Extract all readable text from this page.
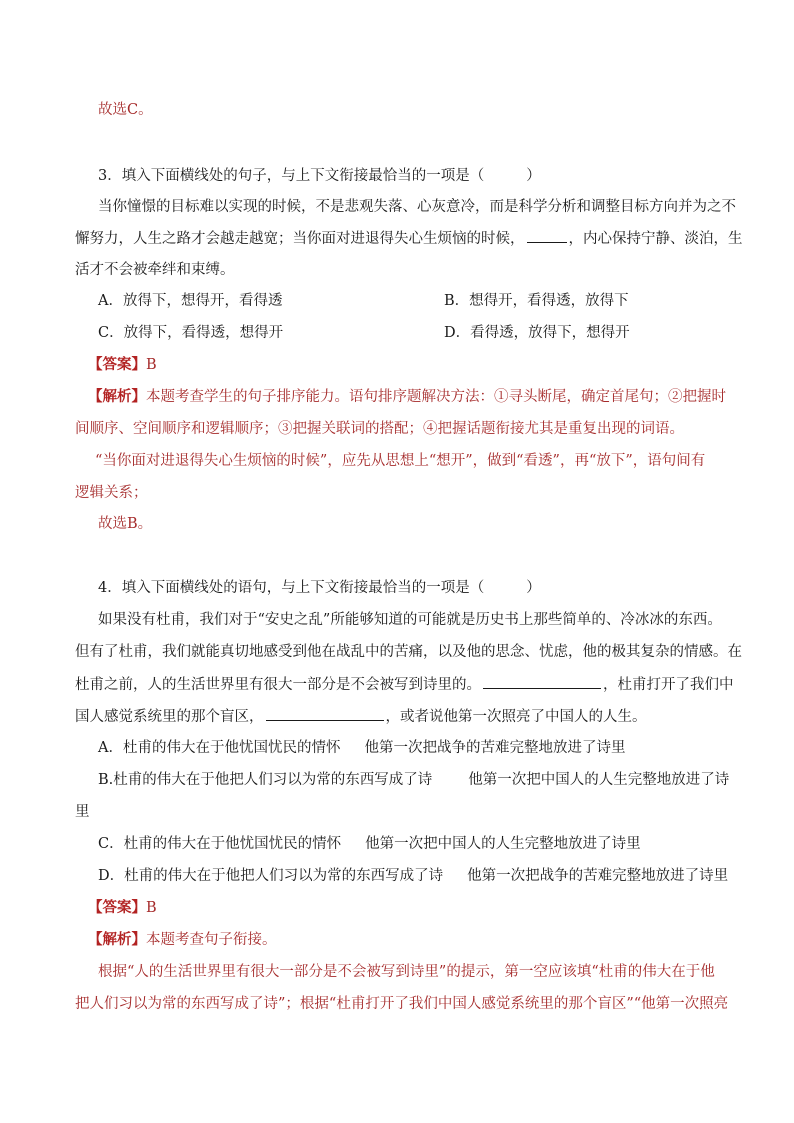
故选C。
3．填入下面横线处的句子，与上下文衔接最恰当的一项是（	）
当你憧憬的目标难以实现的时候，不是悲观失落、心灰意冷，而是科学分析和调整目标方向并为之不
懈努力，人生之路才会越走越宽；当你面对进退得失心生烦恼的时候，	，内心保持宁静、淡泊，生
活才不会被牵绊和束缚。
A．放得下，想得开，看得透	B．想得开，看得透，放得下
C．放得下，看得透，想得开	D．看得透，放得下，想得开
【答案】B
【解析】本题考查学生的句子排序能力。语句排序题解决方法：①寻头断尾，确定首尾句；②把握时
间顺序、空间顺序和逻辑顺序；③把握关联词的搭配；④把握话题衔接尤其是重复出现的词语。
“当你面对进退得失心生烦恼的时候”，应先从思想上“想开”，做到“看透”，再“放下”，语句间有
逻辑关系；
故选B。
4．填入下面横线处的语句，与上下文衔接最恰当的一项是（	）
如果没有杜甫，我们对于“安史之乱”所能够知道的可能就是历史书上那些简单的、冷冰冰的东西。
但有了杜甫，我们就能真切地感受到他在战乱中的苦痛，以及他的思念、忧虑，他的极其复杂的情感。在
杜甫之前，人的生活世界里有很大一部分是不会被写到诗里的。	，杜甫打开了我们中
国人感觉系统里的那个盲区，	，或者说他第一次照亮了中国人的人生。
A．杜甫的伟大在于他忧国忧民的情怀 他第一次把战争的苦难完整地放进了诗里
B.杜甫的伟大在于他把人们习以为常的东西写成了诗 他第一次把中国人的人生完整地放进了诗
里
C．杜甫的伟大在于他忧国忧民的情怀 他第一次把中国人的人生完整地放进了诗里
D．杜甫的伟大在于他把人们习以为常的东西写成了诗 他第一次把战争的苦难完整地放进了诗里
【答案】B
【解析】本题考查句子衔接。
根据“人的生活世界里有很大一部分是不会被写到诗里”的提示，第一空应该填“杜甫的伟大在于他
把人们习以为常的东西写成了诗”；根据“杜甫打开了我们中国人感觉系统里的那个盲区”“他第一次照亮
